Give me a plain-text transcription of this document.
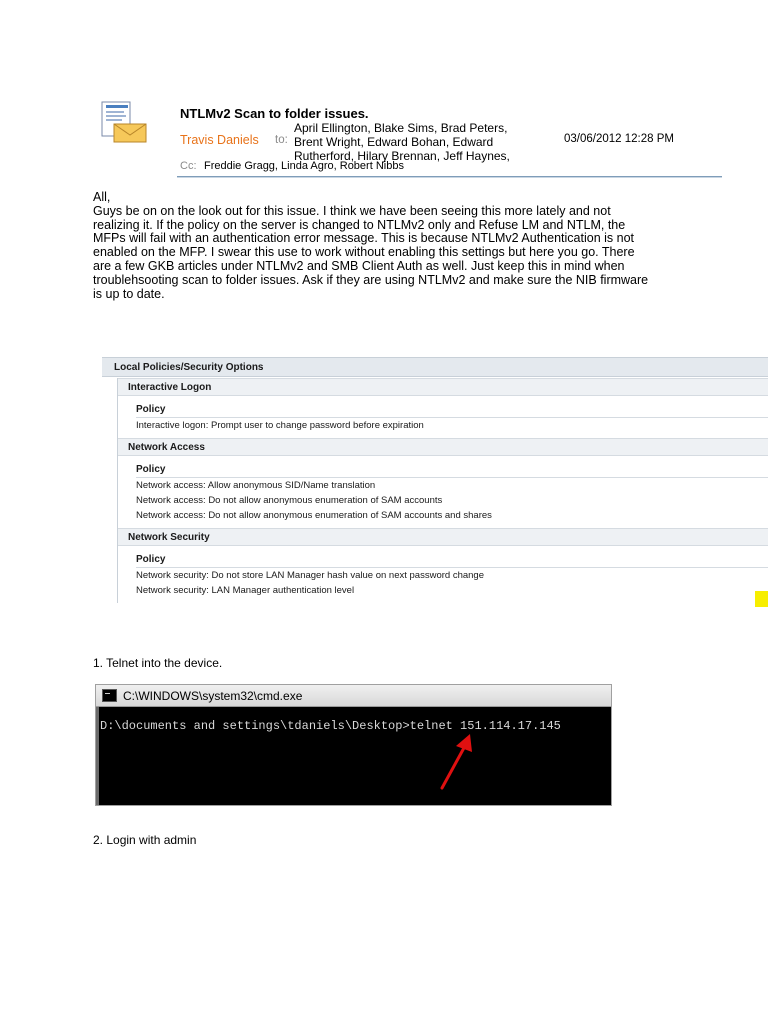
NTLMv2 Scan to folder issues.
Travis Daniels to:
April Ellington, Blake Sims, Brad Peters,
Brent Wright, Edward Bohan, Edward
Rutherford, Hilary Brennan, Jeff Haynes,
03/06/2012 12:28 PM
Cc: Freddie Gragg, Linda Agro, Robert Nibbs

All,

Guys be on on the look out for this issue. I think we have been seeing this more lately and not

realizing it. If the policy on the server is changed to NTLMv2 only and Refuse LM and NTLM, the

MFPs will fail with an authentication error message. This is because NTLMv2 Authentication is not

enabled on the MFP. I swear this use to work without enabling this settings but here you go. There

are a few GKB articles under NTLMv2 and SMB Client Auth as well. Just keep this in mind when

troublehsooting scan to folder issues. Ask if they are using NTLMv2 and make sure the NIB firmware

is up to date.

Local Policies/Security Options
Interactive Logon
Policy
Interactive logon: Prompt user to change password before expiration
Network Access
Policy
Network access: Allow anonymous SID/Name translation
Network access: Do not allow anonymous enumeration of SAM accounts
Network access: Do not allow anonymous enumeration of SAM accounts and shares
Network Security
Policy
Network security: Do not store LAN Manager hash value on next password change
Network security: LAN Manager authentication level
1. Telnet into the device.
C:\WINDOWS\system32\cmd.exe
D:\documents and settings\tdaniels\Desktop>telnet 151.114.17.145
2. Login with admin
